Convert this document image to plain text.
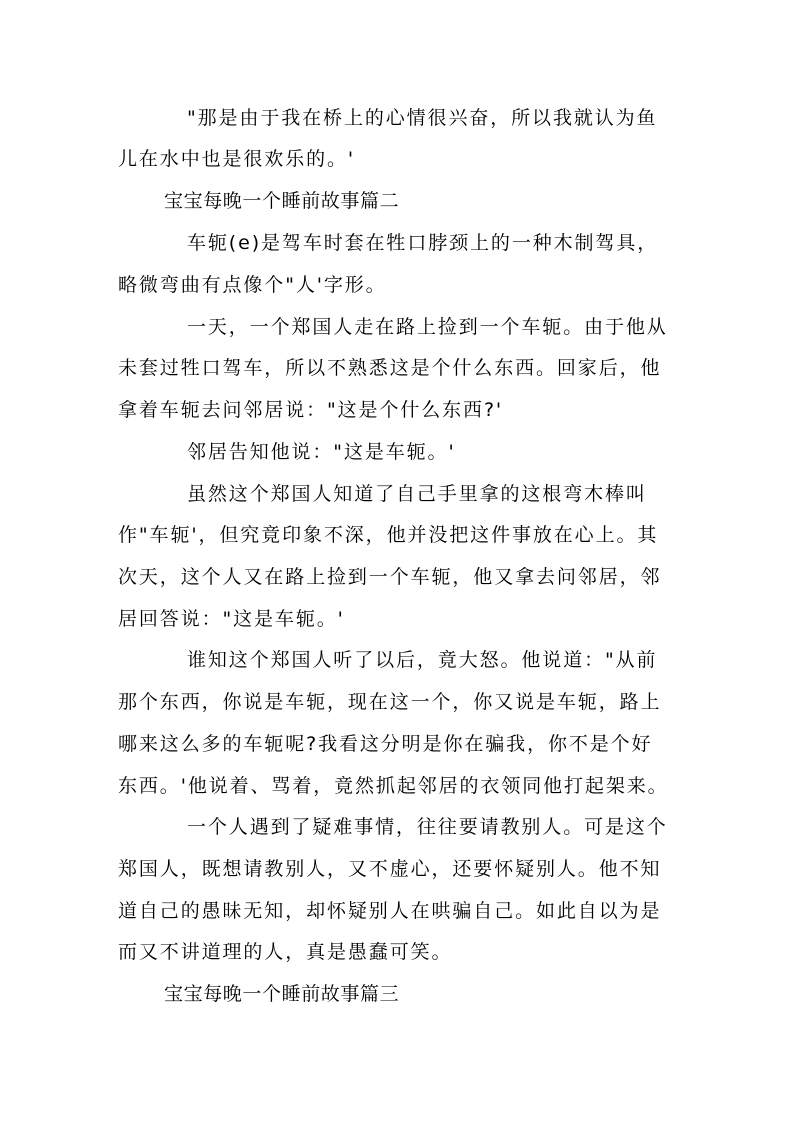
"那是由于我在桥上的心情很兴奋，所以我就认为鱼
儿在水中也是很欢乐的。'
宝宝每晚一个睡前故事篇二
车轭(e)是驾车时套在牲口脖颈上的一种木制驾具，
略微弯曲有点像个"人'字形。
一天，一个郑国人走在路上捡到一个车轭。由于他从
未套过牲口驾车，所以不熟悉这是个什么东西。回家后，他
拿着车轭去问邻居说："这是个什么东西?'
邻居告知他说："这是车轭。'
虽然这个郑国人知道了自己手里拿的这根弯木棒叫
作"车轭'，但究竟印象不深，他并没把这件事放在心上。其
次天，这个人又在路上捡到一个车轭，他又拿去问邻居，邻
居回答说："这是车轭。'
谁知这个郑国人听了以后，竟大怒。他说道："从前
那个东西，你说是车轭，现在这一个，你又说是车轭，路上
哪来这么多的车轭呢?我看这分明是你在骗我，你不是个好
东西。'他说着、骂着，竟然抓起邻居的衣领同他打起架来。
一个人遇到了疑难事情，往往要请教别人。可是这个
郑国人，既想请教别人，又不虚心，还要怀疑别人。他不知
道自己的愚昧无知，却怀疑别人在哄骗自己。如此自以为是
而又不讲道理的人，真是愚蠢可笑。
宝宝每晚一个睡前故事篇三
